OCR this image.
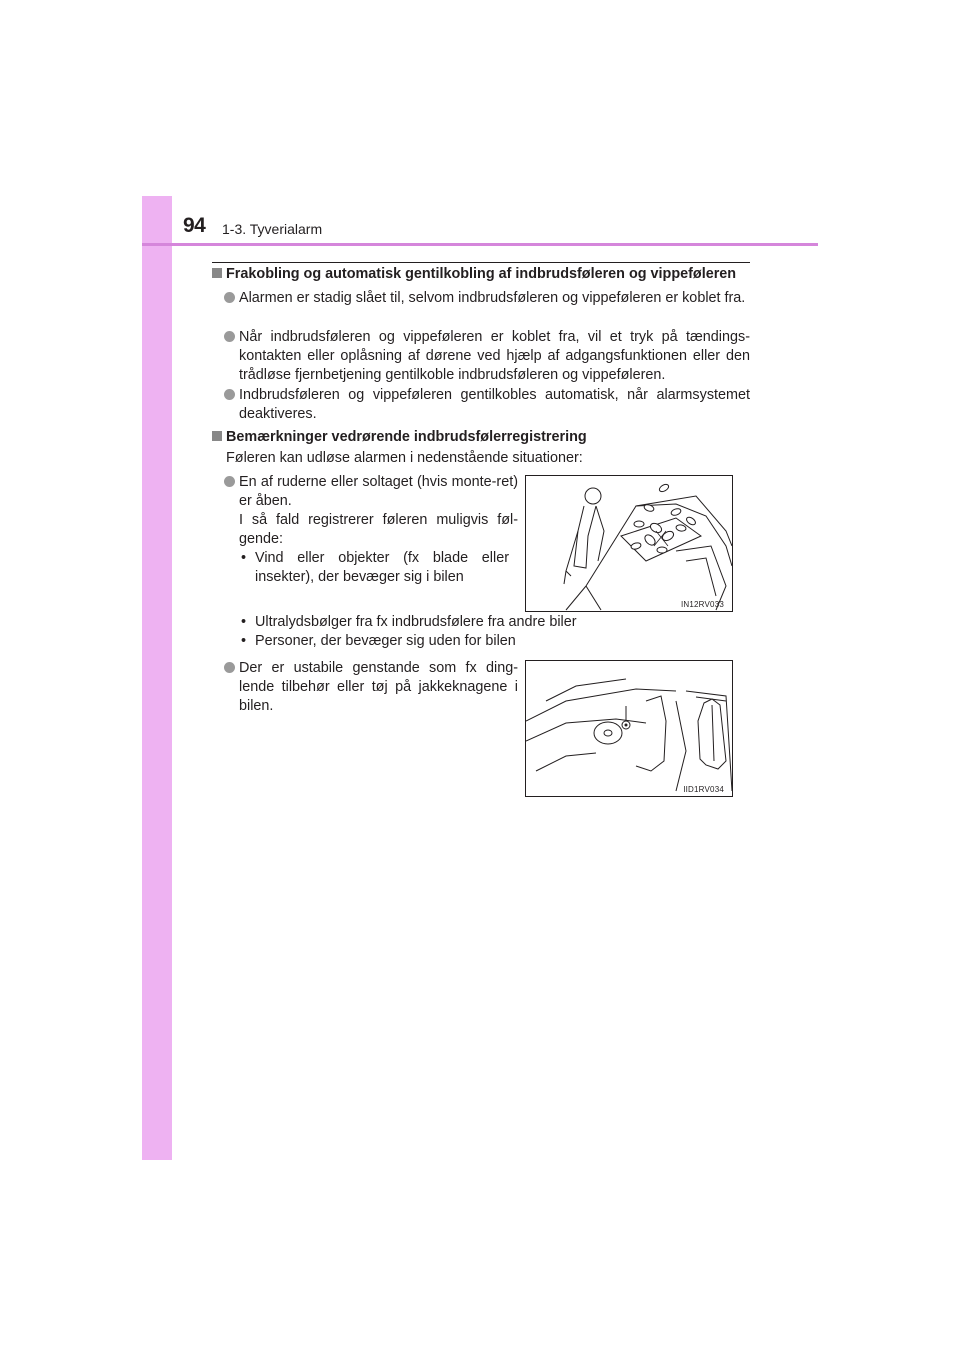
94 1-3. Tyverialarm
Frakobling og automatisk gentilkobling af indbrudsføleren og vippeføleren
Alarmen er stadig slået til, selvom indbrudsføleren og vippeføleren er koblet fra.
Når indbrudsføleren og vippeføleren er koblet fra, vil et tryk på tændings-kontakten eller oplåsning af dørene ved hjælp af adgangsfunktionen eller den trådløse fjernbetjening gentilkoble indbrudsføleren og vippeføleren.
Indbrudsføleren og vippeføleren gentilkobles automatisk, når alarmsystemet deaktiveres.
Bemærkninger vedrørende indbrudsfølerregistrering
Føleren kan udløse alarmen i nedenstående situationer:
En af ruderne eller soltaget (hvis monte-ret) er åben.
I så fald registrerer føleren muligvis føl-gende:
• Vind eller objekter (fx blade eller insekter), der bevæger sig i bilen
• Ultralydsbølger fra fx indbrudsfølere fra andre biler
• Personer, der bevæger sig uden for bilen
IN12RV033
Der er ustabile genstande som fx ding-lende tilbehør eller tøj på jakkeknagene i bilen.
IID1RV034
